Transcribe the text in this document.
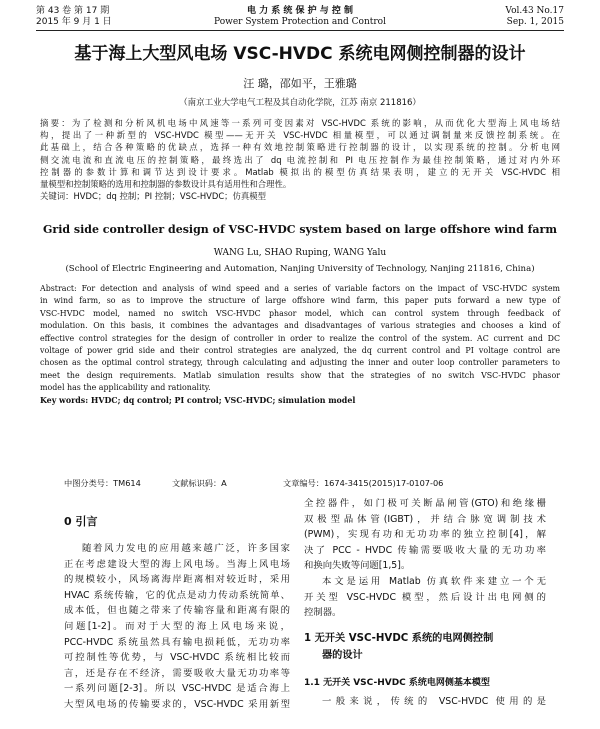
第 43 卷 第 17 期
2015 年 9 月 1 日
电 力 系 统 保 护 与 控 制
Power System Protection and Control
Vol.43 No.17
Sep. 1, 2015
基于海上大型风电场 VSC-HVDC 系统电网侧控制器的设计
汪 璐，邵如平，王雅璐
（南京工业大学电气工程及其自动化学院，江苏 南京 211816）
摘要：为了检测和分析风机电场中风速等一系列可变因素对 VSC-HVDC 系统的影响，从而优化大型海上风电场结
构，提出了一种新型的 VSC-HVDC 模型——无开关 VSC-HVDC 相量模型，可以通过调制量来反馈控制系统。在
此基础上，结合各种策略的优缺点，选择一种有效地控制策略进行控制器的设计，以实现系统的控制。分析电网
侧交流电流和直流电压的控制策略，最终选出了 dq 电流控制和 PI 电压控制作为最佳控制策略，通过对内外环
控制器的参数计算和调节达到设计要求。Matlab 模拟出的模型仿真结果表明，建立的无开关 VSC-HVDC 相
量模型和控制策略的选用和控制器的参数设计具有适用性和合理性。
关键词：HVDC；dq 控制；PI 控制；VSC-HVDC；仿真模型
Grid side controller design of VSC-HVDC system based on large offshore wind farm
WANG Lu, SHAO Ruping, WANG Yalu
(School of Electric Engineering and Automation, Nanjing University of Technology, Nanjing 211816, China)
Abstract: For detection and analysis of wind speed and a series of variable factors on the impact of VSC-HVDC system
in wind farm, so as to improve the structure of large offshore wind farm, this paper puts forward a new type of
VSC-HVDC model, named no switch VSC-HVDC phasor model, which can control system through feedback of
modulation. On this basis, it combines the advantages and disadvantages of various strategies and chooses a kind of
effective control strategies for the design of controller in order to realize the control of the system. AC current and DC
voltage of power grid side and their control strategies are analyzed, the dq current control and PI voltage control are
chosen as the optimal control strategy, through calculating and adjusting the inner and outer loop controller parameters to
meet the design requirements. Matlab simulation results show that the strategies of no switch VSC-HVDC phasor
model has the applicability and rationality.
Key words: HVDC; dq control; PI control; VSC-HVDC; simulation model
中图分类号：TM614	文献标识码：A	文章编号：1674-3415(2015)17-0107-06
0 引言
随着风力发电的应用越来越广泛，许多国家
正在考虑建设大型的海上风电场。当海上风电场
的规模较小，风场离海岸距离相对较近时，采用
HVAC 系统传输，它的优点是动力传动系统简单、
成本低，但也随之带来了传输容量和距离有限的
问题[1-2]。而对于大型的海上风电场来说，
PCC-HVDC 系统虽然具有输电损耗低，无功功率
可控制性等优势，与 VSC-HVDC 系统相比较而
言，还是存在不经济，需要吸收大量无功功率等
一系列问题[2-3]。所以 VSC-HVDC 是适合海上
大型风电场的传输要求的，VSC-HVDC 采用新型
全控器件，如门极可关断晶闸管(GTO)和绝缘栅
双极型晶体管(IGBT)，并结合脉宽调制技术
(PWM)，实现有功和无功功率的独立控制[4]，解
决了 PCC - HVDC 传输需要吸收大量的无功功率
和换向失败等问题[1,5]。
本文是运用 Matlab 仿真软件来建立一个无
开关型 VSC-HVDC 模型，然后设计出电网侧的
控制器。
1 无开关 VSC-HVDC 系统的电网侧控制
器的设计
1.1 无开关 VSC-HVDC 系统电网侧基本模型
一般来说，传统的 VSC-HVDC 使用的是
